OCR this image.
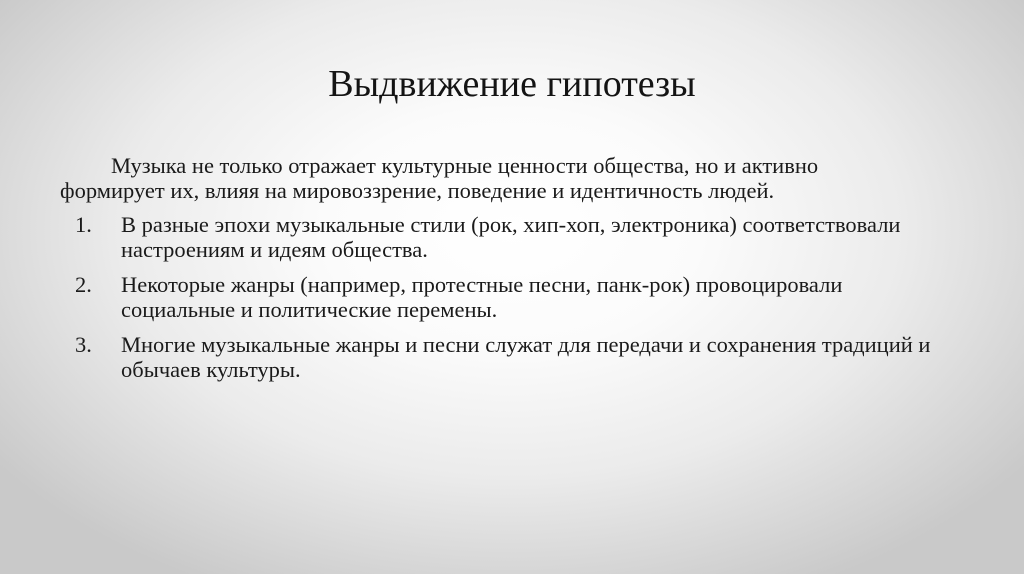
Выдвижение гипотезы

Музыка не только отражает культурные ценности общества, но и активно формирует их, влияя на мировоззрение, поведение и идентичность людей.

1. В разные эпохи музыкальные стили (рок, хип-хоп, электроника) соответствовали настроениям и идеям общества.
2. Некоторые жанры (например, протестные песни, панк-рок) провоцировали социальные и политические перемены.
3. Многие музыкальные жанры и песни служат для передачи и сохранения традиций и обычаев культуры.
